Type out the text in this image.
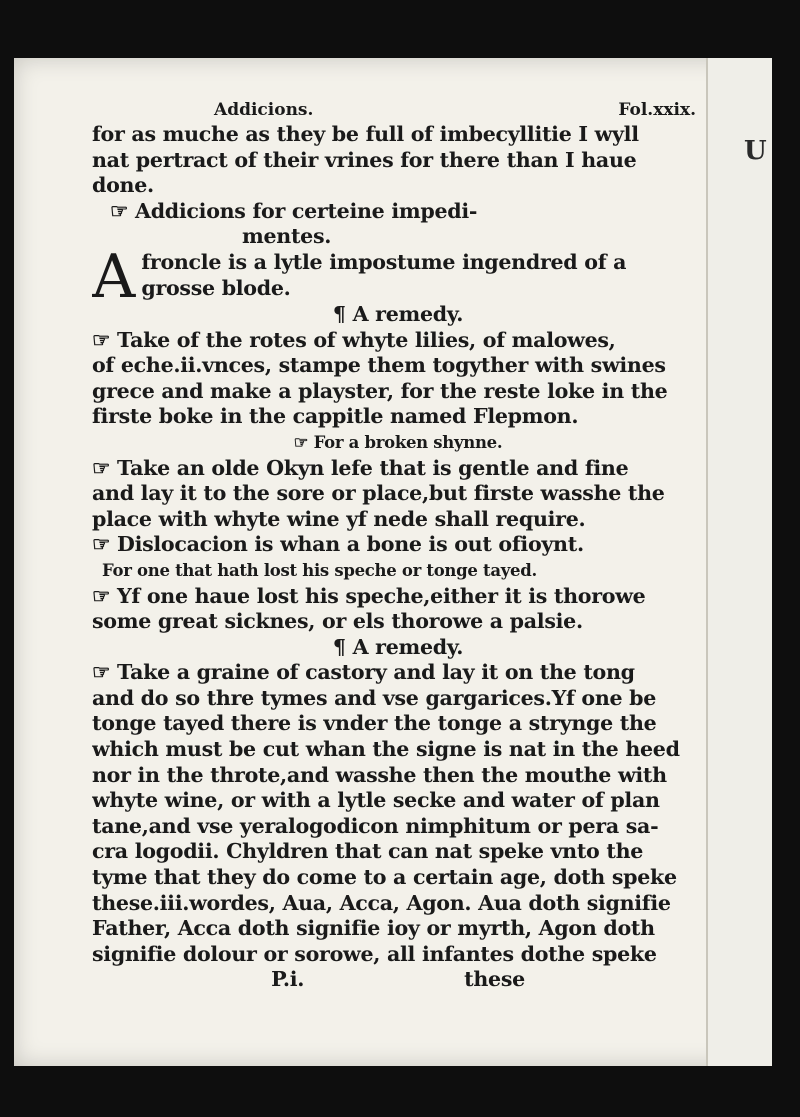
U
Addicions.	Fol.xxix.
for as muche as they be full of imbecyllitie I wyll
nat pertract of their vrines for there than I haue
done.
☞ Addicions for certeine impedi-
mentes.
A froncle is a lytle impostume ingendred of a
grosse blode.
¶ A remedy.
☞ Take of the rotes of whyte lilies, of malowes,
of eche.ii.vnces, stampe them togyther with swines
grece and make a playster, for the reste loke in the
firste boke in the cappitle named Flepmon.
☞ For a broken shynne.
☞ Take an olde Okyn lefe that is gentle and fine
and lay it to the sore or place,but firste wasshe the
place with whyte wine yf nede shall require.
☞ Dislocacion is whan a bone is out ofioynt.
For one that hath lost his speche or tonge tayed.
☞ Yf one haue lost his speche,either it is thorowe
some great sicknes, or els thorowe a palsie.
¶ A remedy.
☞ Take a graine of castory and lay it on the tong
and do so thre tymes and vse gargarices.Yf one be
tonge tayed there is vnder the tonge a strynge the
which must be cut whan the signe is nat in the heed
nor in the throte,and wasshe then the mouthe with
whyte wine, or with a lytle secke and water of plan
tane,and vse yeralogodicon nimphitum or pera sa-
cra logodii. Chyldren that can nat speke vnto the
tyme that they do come to a certain age, doth speke
these.iii.wordes, Aua, Acca, Agon. Aua doth signifie
Father, Acca doth signifie ioy or myrth, Agon doth
signifie dolour or sorowe, all infantes dothe speke
P.i.	these
